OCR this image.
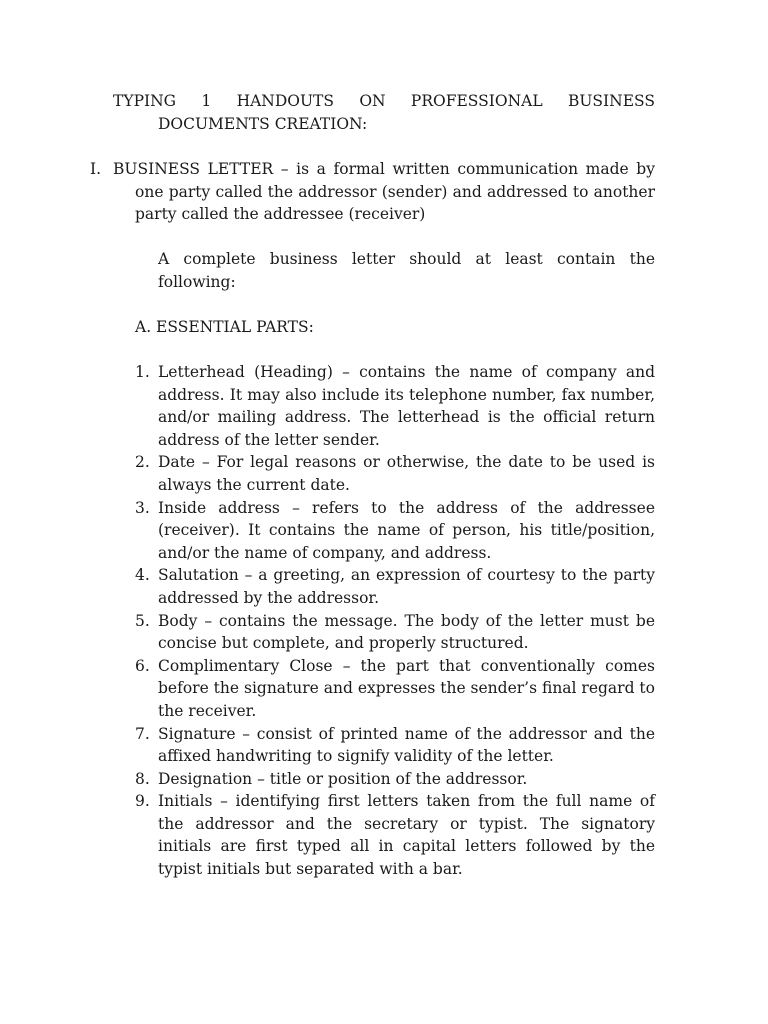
TYPING 1 HANDOUTS ON PROFESSIONAL BUSINESS
DOCUMENTS CREATION:
I. BUSINESS LETTER – is a formal written communication made by one party called the addressor (sender) and addressed to another party called the addressee (receiver)
A complete business letter should at least contain the following:
A. ESSENTIAL PARTS:
1. Letterhead (Heading) – contains the name of company and address. It may also include its telephone number, fax number, and/or mailing address. The letterhead is the official return address of the letter sender.
2. Date – For legal reasons or otherwise, the date to be used is always the current date.
3. Inside address – refers to the address of the addressee (receiver). It contains the name of person, his title/position, and/or the name of company, and address.
4. Salutation – a greeting, an expression of courtesy to the party addressed by the addressor.
5. Body – contains the message. The body of the letter must be concise but complete, and properly structured.
6. Complimentary Close – the part that conventionally comes before the signature and expresses the sender’s final regard to the receiver.
7. Signature – consist of printed name of the addressor and the affixed handwriting to signify validity of the letter.
8. Designation – title or position of the addressor.
9. Initials – identifying first letters taken from the full name of the addressor and the secretary or typist. The signatory initials are first typed all in capital letters followed by the typist initials but separated with a bar.
